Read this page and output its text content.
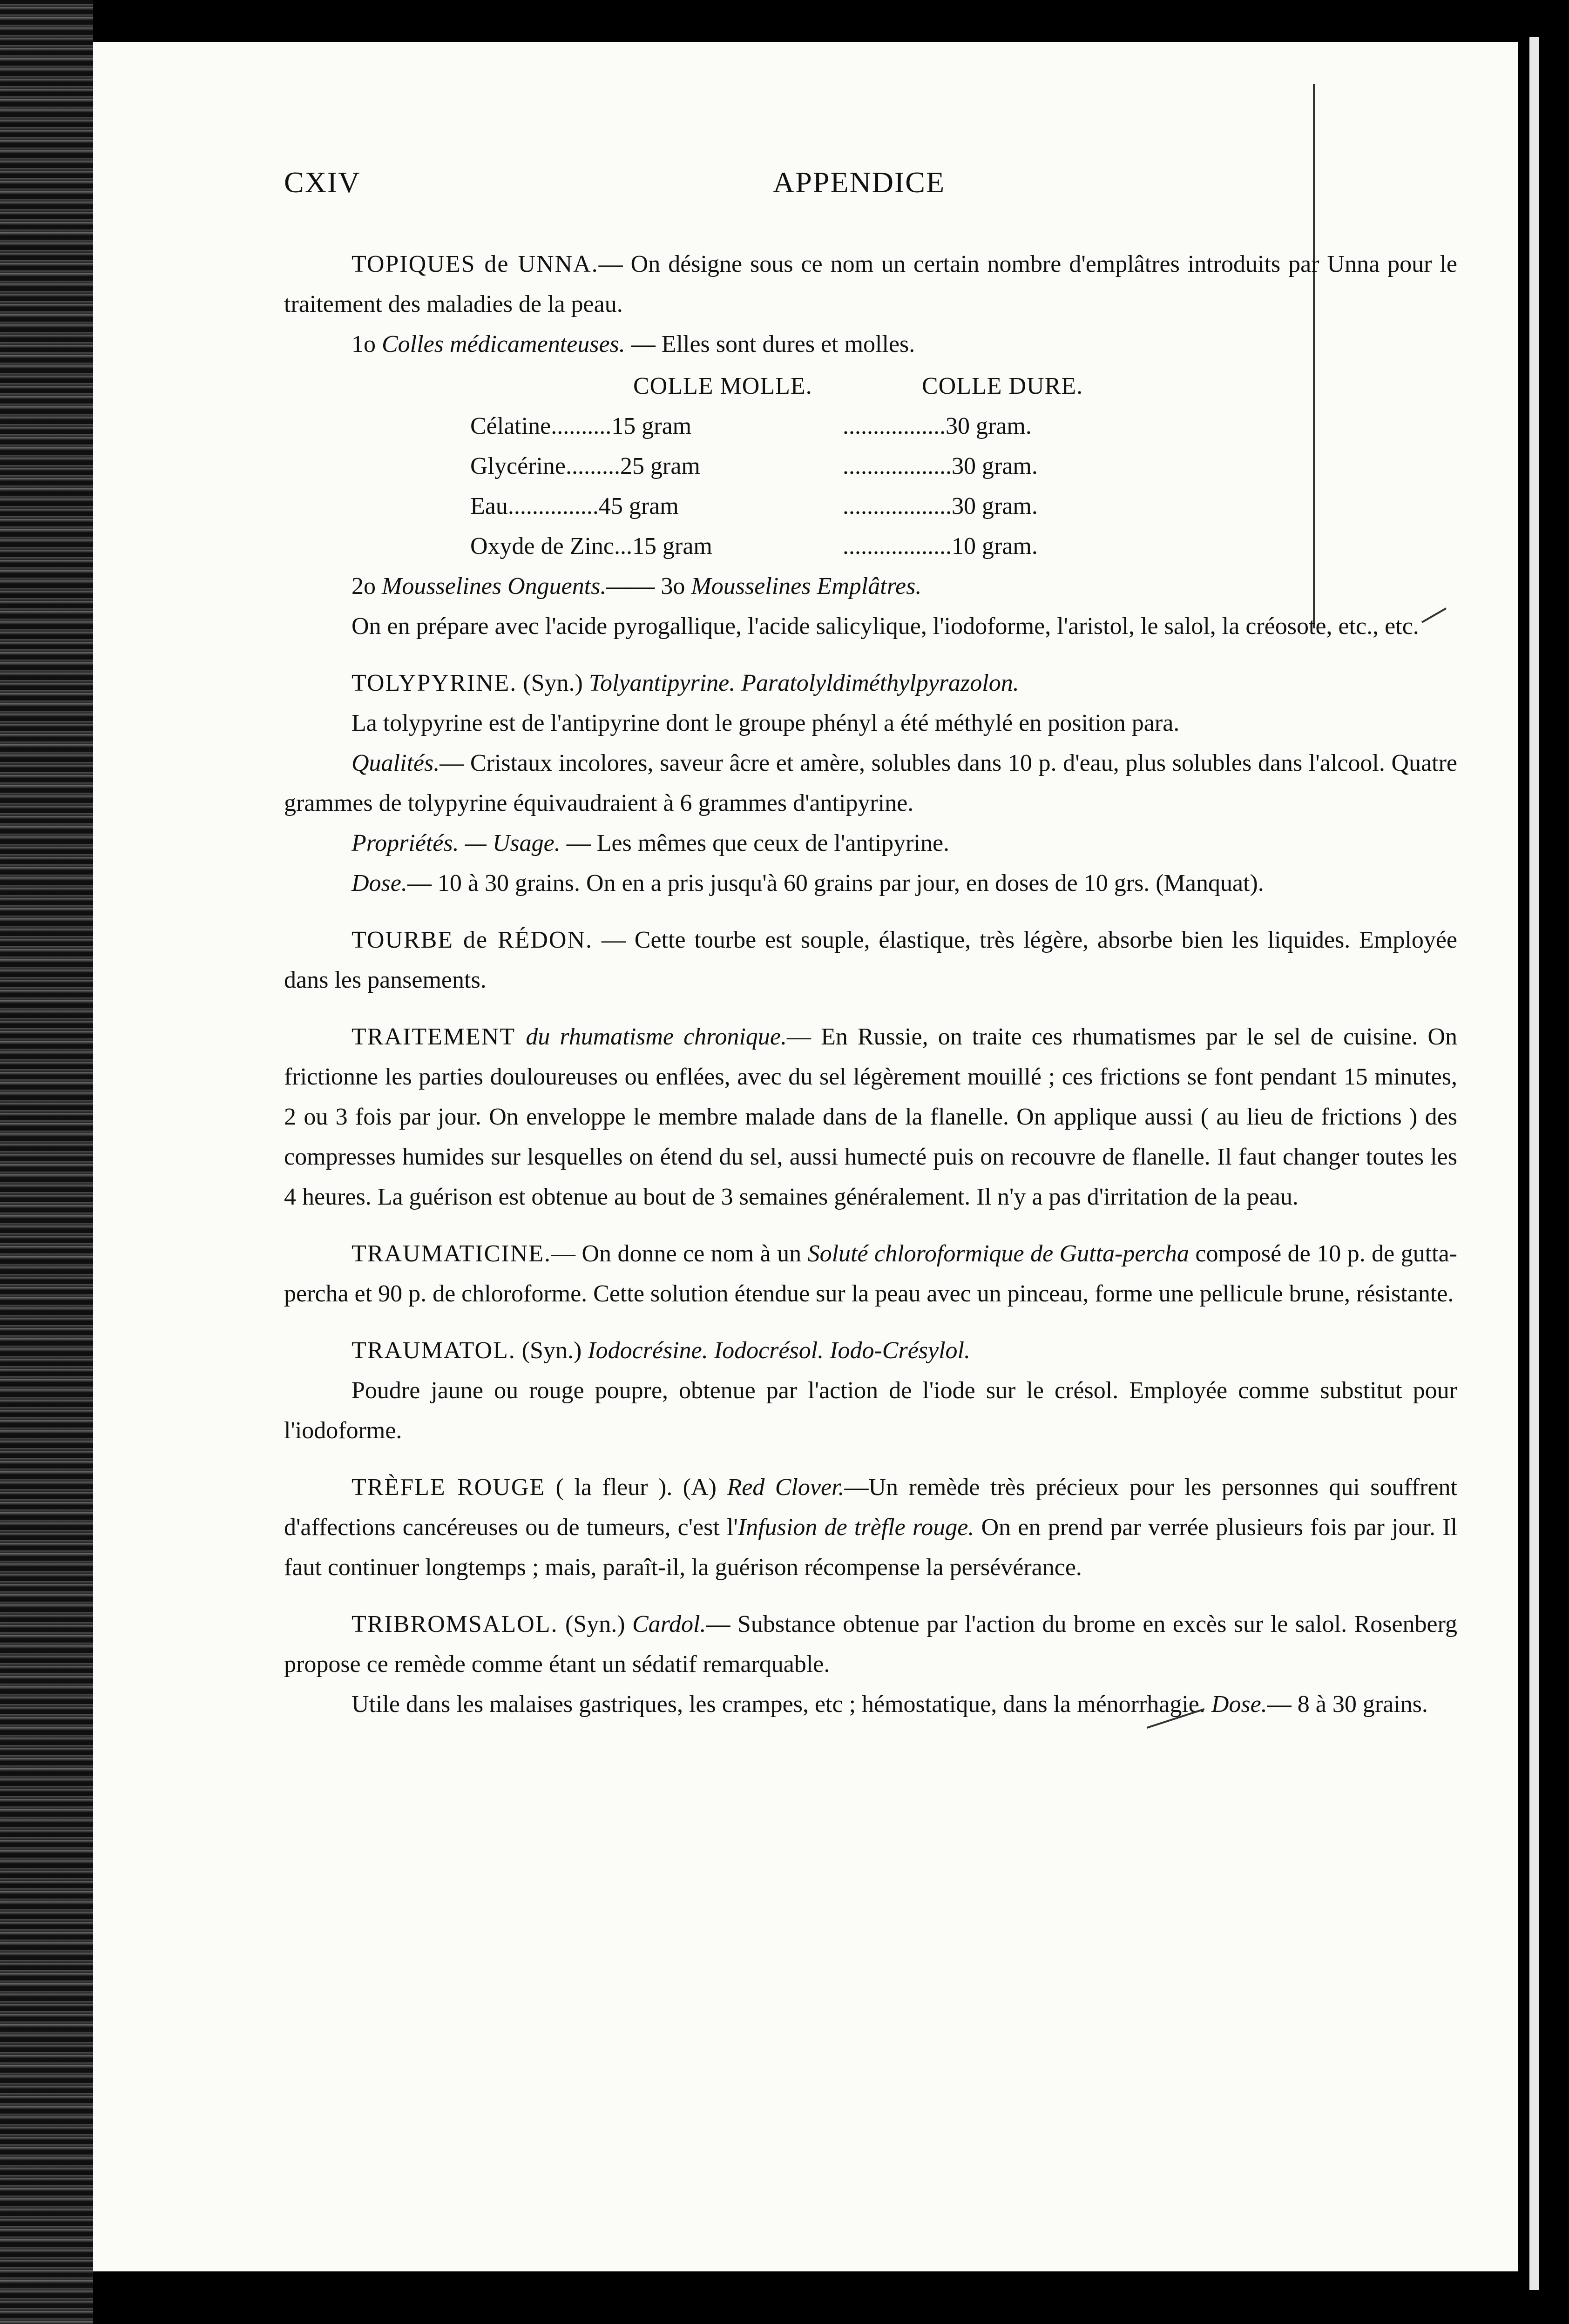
CXIV	APPENDICE

TOPIQUES de UNNA.— On désigne sous ce nom un certain nombre d'emplâtres introduits par Unna pour le traitement des maladies de la peau.

1o Colles médicamenteuses. — Elles sont dures et molles.

COLLE MOLLE.	COLLE DURE.
Célatine..........15 gram	.................30 gram.
Glycérine.........25 gram	..................30 gram.
Eau...............45 gram	..................30 gram.
Oxyde de Zinc...15 gram	..................10 gram.

2o Mousselines Onguents.—— 3o Mousselines Emplâtres.

On en prépare avec l'acide pyrogallique, l'acide salicylique, l'iodoforme, l'aristol, le salol, la créosote, etc., etc.

TOLYPYRINE. (Syn.) Tolyantipyrine. Paratolyldiméthylpyrazolon.

La tolypyrine est de l'antipyrine dont le groupe phényl a été méthylé en position para.

Qualités.— Cristaux incolores, saveur âcre et amère, solubles dans 10 p. d'eau, plus solubles dans l'alcool. Quatre grammes de tolypyrine équivaudraient à 6 grammes d'antipyrine.

Propriétés. — Usage. — Les mêmes que ceux de l'antipyrine.

Dose.— 10 à 30 grains. On en a pris jusqu'à 60 grains par jour, en doses de 10 grs. (Manquat).

TOURBE de RÉDON. — Cette tourbe est souple, élastique, très légère, absorbe bien les liquides. Employée dans les pansements.

TRAITEMENT du rhumatisme chronique.— En Russie, on traite ces rhumatismes par le sel de cuisine. On frictionne les parties douloureuses ou enflées, avec du sel légèrement mouillé ; ces frictions se font pendant 15 minutes, 2 ou 3 fois par jour. On enveloppe le membre malade dans de la flanelle. On applique aussi ( au lieu de frictions ) des compresses humides sur lesquelles on étend du sel, aussi humecté puis on recouvre de flanelle. Il faut changer toutes les 4 heures. La guérison est obtenue au bout de 3 semaines généralement. Il n'y a pas d'irritation de la peau.

TRAUMATICINE.— On donne ce nom à un Soluté chloroformique de Gutta-percha composé de 10 p. de gutta-percha et 90 p. de chloroforme. Cette solution étendue sur la peau avec un pinceau, forme une pellicule brune, résistante.

TRAUMATOL. (Syn.) Iodocrésine. Iodocrésol. Iodo-Crésylol.

Poudre jaune ou rouge poupre, obtenue par l'action de l'iode sur le crésol. Employée comme substitut pour l'iodoforme.

TRÈFLE ROUGE ( la fleur ). (A) Red Clover.—Un remède très précieux pour les personnes qui souffrent d'affections cancéreuses ou de tumeurs, c'est l'Infusion de trèfle rouge. On en prend par verrée plusieurs fois par jour. Il faut continuer longtemps ; mais, paraît-il, la guérison récompense la persévérance.

TRIBROMSALOL. (Syn.) Cardol.— Substance obtenue par l'action du brome en excès sur le salol. Rosenberg propose ce remède comme étant un sédatif remarquable.

Utile dans les malaises gastriques, les crampes, etc ; hémostatique, dans la ménorrhagie. Dose.— 8 à 30 grains.
